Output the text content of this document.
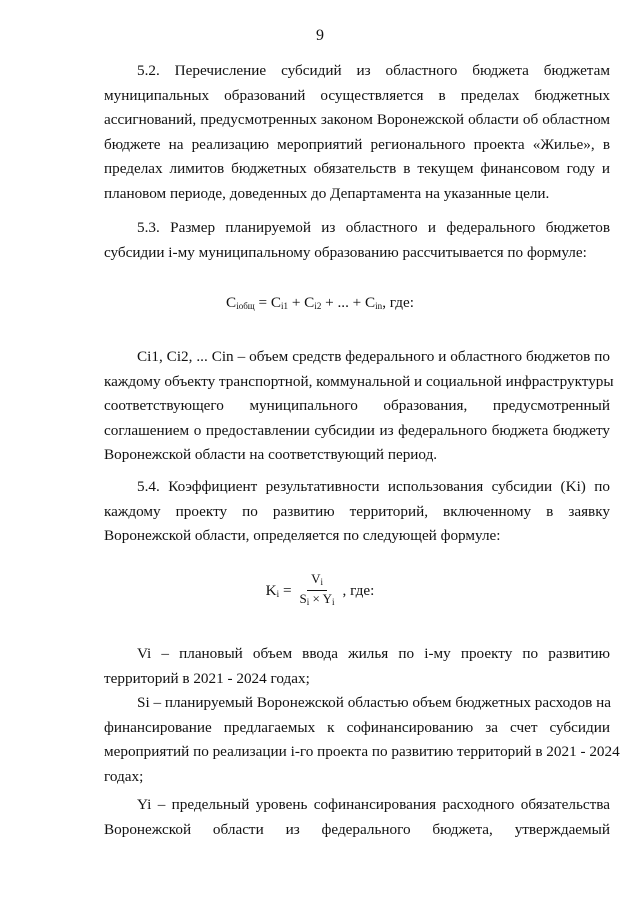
9
5.2. Перечисление субсидий из областного бюджета бюджетам
муниципальных образований осуществляется в пределах бюджетных
ассигнований, предусмотренных законом Воронежской области об областном
бюджете на реализацию мероприятий регионального проекта «Жилье», в
пределах лимитов бюджетных обязательств в текущем финансовом году и
плановом периоде, доведенных до Департамента на указанные цели.
5.3. Размер планируемой из областного и федерального бюджетов
субсидии i-му муниципальному образованию рассчитывается по формуле:
$C_{iобщ} = C_{i1} + C_{i2}$ + ... + $C_{in}$, где:
Ci1, Ci2, ... Cin – объем средств федерального и областного бюджетов по
каждому объекту транспортной, коммунальной и социальной инфраструктуры
соответствующего муниципального образования, предусмотренный
соглашением о предоставлении субсидии из федерального бюджета бюджету
Воронежской области на соответствующий период.
5.4. Коэффициент результативности использования субсидии (Ki) по
каждому проекту по развитию территорий, включенному в заявку
Воронежской области, определяется по следующей формуле:
$K_i = \frac{V_i}{S_i \times Y_i}$ , где:
Vi – плановый объем ввода жилья по i-му проекту по развитию
территорий в 2021 - 2024 годах;
Si – планируемый Воронежской областью объем бюджетных расходов на
финансирование предлагаемых к софинансированию за счет субсидии
мероприятий по реализации i-го проекта по развитию территорий в 2021 - 2024
годах;
Yi – предельный уровень софинансирования расходного обязательства
Воронежской области из федерального бюджета, утверждаемый
